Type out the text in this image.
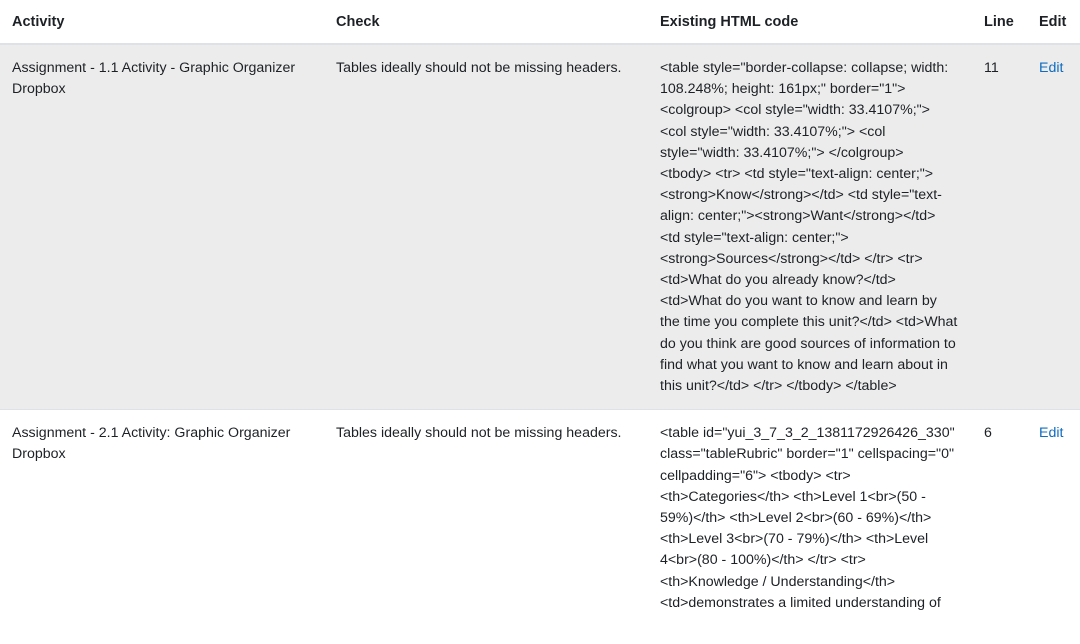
Activity	Check	Existing HTML code	Line	Edit
Assignment - 1.1 Activity - Graphic Organizer Dropbox	Tables ideally should not be missing headers.	<table style="border-collapse: collapse; width: 108.248%; height: 161px;" border="1"> <colgroup> <col style="width: 33.4107%;"> <col style="width: 33.4107%;"> <col style="width: 33.4107%;"> </colgroup> <tbody> <tr> <td style="text-align: center;"><strong>Know</strong></td> <td style="text-align: center;"><strong>Want</strong></td> <td style="text-align: center;"><strong>Sources</strong></td> </tr> <tr> <td>What do you already know?</td> <td>What do you want to know and learn by the time you complete this unit?</td> <td>What do you think are good sources of information to find what you want to know and learn about in this unit?</td> </tr> </tbody> </table>	11	Edit
Assignment - 2.1 Activity: Graphic Organizer Dropbox	Tables ideally should not be missing headers.	<table id="yui_3_7_3_2_1381172926426_330" class="tableRubric" border="1" cellspacing="0" cellpadding="6"> <tbody> <tr> <th>Categories</th> <th>Level 1<br>(50 - 59%)</th> <th>Level 2<br>(60 - 69%)</th> <th>Level 3<br>(70 - 79%)</th> <th>Level 4<br>(80 - 100%)</th> </tr> <tr> <th>Knowledge / Understanding</th> <td>demonstrates a limited understanding of	6	Edit
